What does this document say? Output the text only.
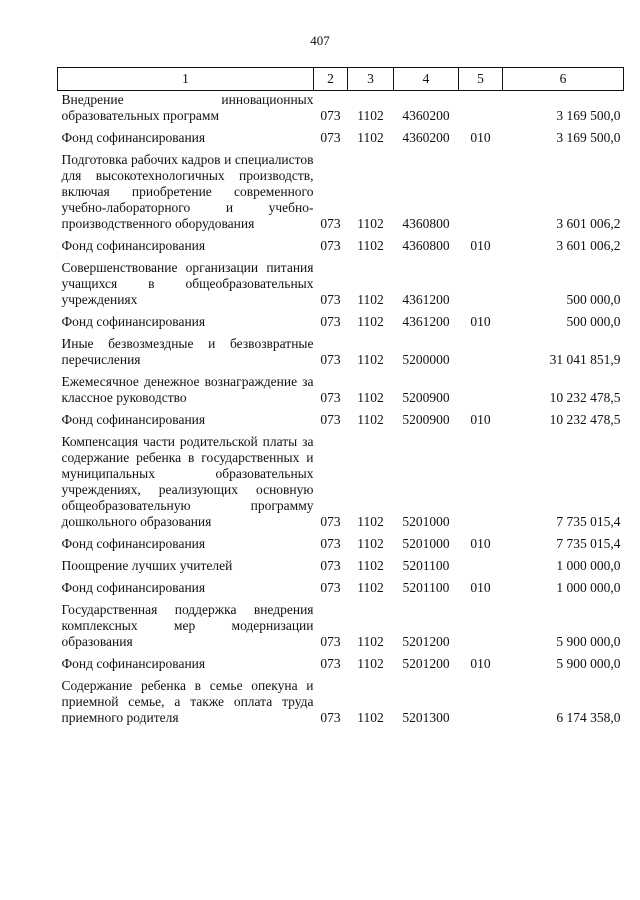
407
1	2	3	4	5	6
Внедрение инновационных образовательных программ	073	1102	4360200		3 169 500,0
Фонд софинансирования	073	1102	4360200	010	3 169 500,0
Подготовка рабочих кадров и специалистов для высокотехнологичных производств, включая приобретение современного учебно-лабораторного и учебно-производственного оборудования	073	1102	4360800		3 601 006,2
Фонд софинансирования	073	1102	4360800	010	3 601 006,2
Совершенствование организации питания учащихся в общеобразовательных учреждениях	073	1102	4361200		500 000,0
Фонд софинансирования	073	1102	4361200	010	500 000,0
Иные безвозмездные и безвозвратные перечисления	073	1102	5200000		31 041 851,9
Ежемесячное денежное вознаграждение за классное руководство	073	1102	5200900		10 232 478,5
Фонд софинансирования	073	1102	5200900	010	10 232 478,5
Компенсация части родительской платы за содержание ребенка в государственных и муниципальных образовательных учреждениях, реализующих основную общеобразовательную программу дошкольного образования	073	1102	5201000		7 735 015,4
Фонд софинансирования	073	1102	5201000	010	7 735 015,4
Поощрение лучших учителей	073	1102	5201100		1 000 000,0
Фонд софинансирования	073	1102	5201100	010	1 000 000,0
Государственная поддержка внедрения комплексных мер модернизации образования	073	1102	5201200		5 900 000,0
Фонд софинансирования	073	1102	5201200	010	5 900 000,0
Содержание ребенка в семье опекуна и приемной семье, а также оплата труда приемного родителя	073	1102	5201300		6 174 358,0
